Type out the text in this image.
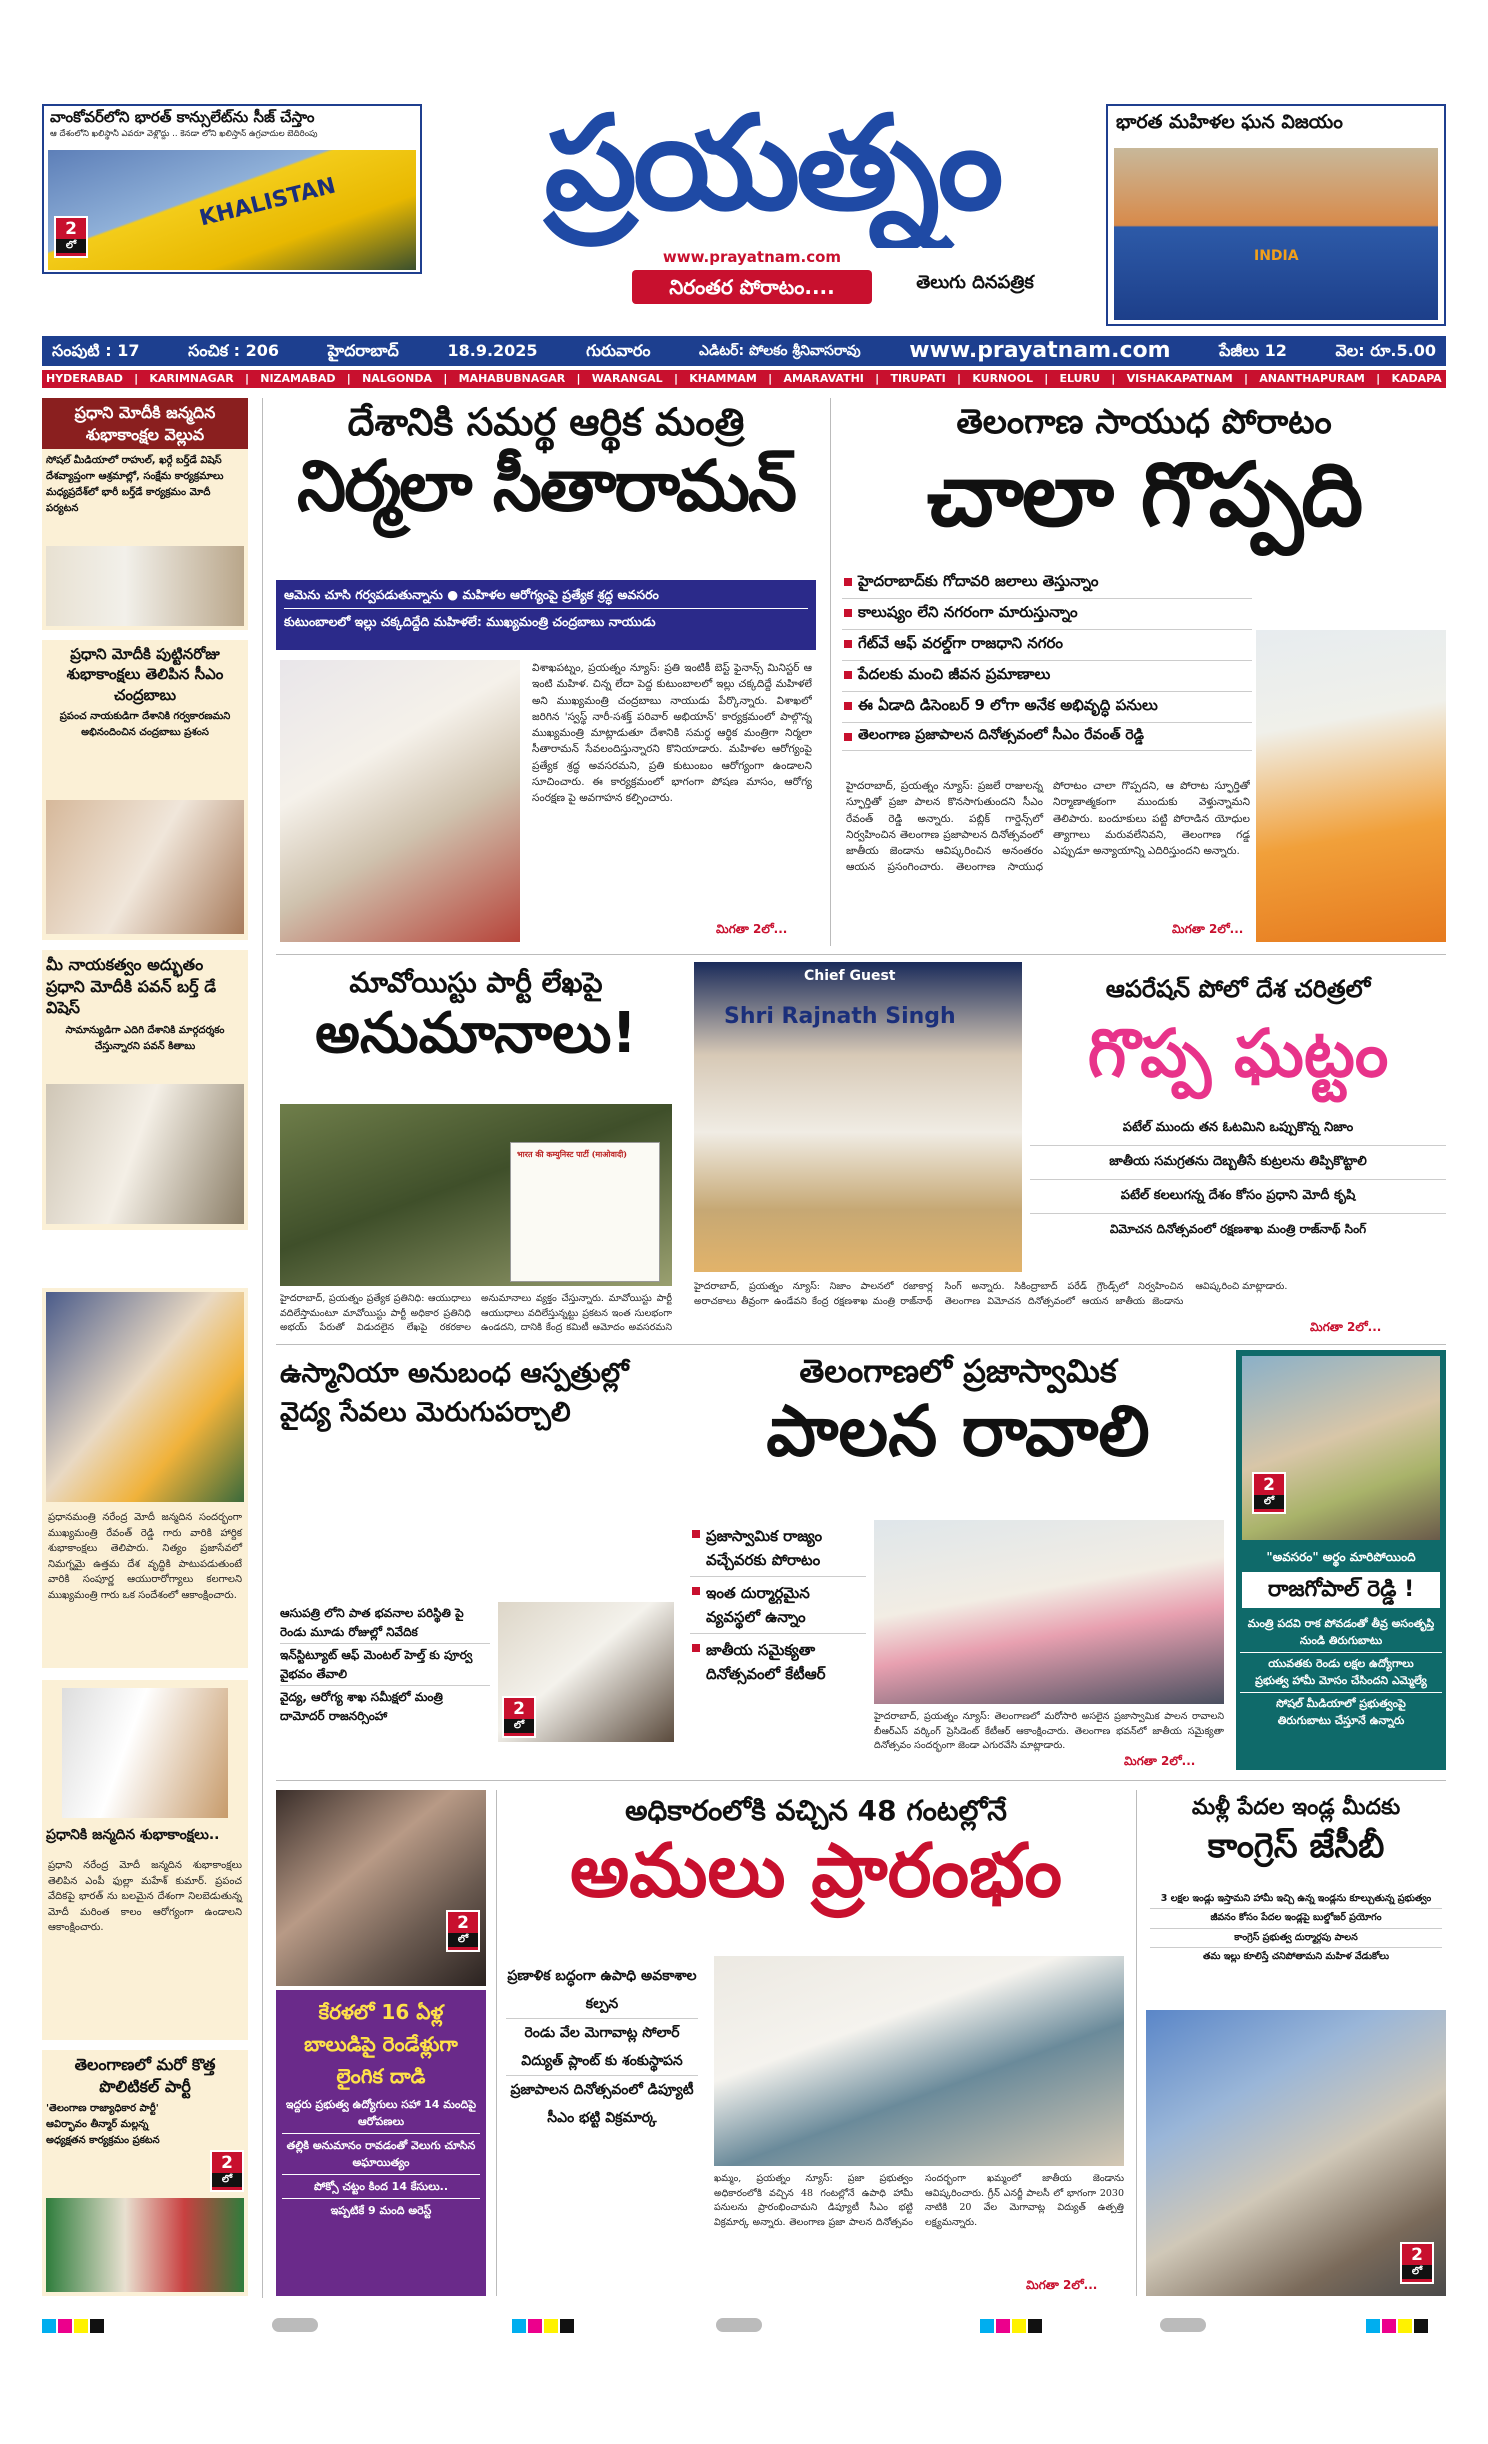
వాంకోవర్‌లోని భారత్ కాన్సులేట్‌ను సీజ్ చేస్తాం
ఆ దేశంలోని ఖలిస్థానీ ఎవరూ వెళ్లొద్దు .. కెనడా లోని ఖలిస్తాన్ ఉగ్రవాదుల బెదిరింపు
KHALISTAN
2
లో
ప్రయత్నం
www.prayatnam.com
నిరంతర పోరాటం....	తెలుగు దినపత్రిక
భారత మహిళల ఘన విజయం
INDIA
సంపుటి : 17	సంచిక : 206	హైదరాబాద్	18.9.2025	గురువారం	ఎడిటర్: పోలకం శ్రీనివాసరావు www.prayatnam.com	పేజీలు 12	వెల: రూ.5.00
HYDERABAD | KARIMNAGAR | NIZAMABAD | NALGONDA | MAHABUBNAGAR | WARANGAL | KHAMMAM | AMARAVATHI | TIRUPATI | KURNOOL | ELURU | VISHAKAPATNAM | ANANTHAPURAM | KADAPA
ప్రధాని మోదీకి జన్మదిన శుభాకాంక్షల వెల్లువ
సోషల్ మీడియాలో రాహుల్, ఖర్గే బర్త్‌డే విషెస్ దేశవ్యాప్తంగా ఆశ్రమాల్లో, సంక్షేమ కార్యక్రమాలు మధ్యప్రదేశ్‌లో భారీ బర్త్‌డే కార్యక్రమం మోదీ పర్యటన
ప్రధాని మోదీకి పుట్టినరోజు శుభాకాంక్షలు తెలిపిన సీఎం చంద్రబాబు
ప్రపంచ నాయకుడిగా దేశానికి గర్వకారణమని అభినందించిన చంద్రబాబు ప్రశంస
మీ నాయకత్వం అద్భుతం ప్రధాని మోదీకి పవన్ బర్త్ డే విషెస్
సామాన్యుడిగా ఎదిగి దేశానికి మార్గదర్శకం చేస్తున్నారని పవన్ కితాబు
ప్రధానమంత్రి నరేంద్ర మోదీ జన్మదిన సందర్భంగా ముఖ్యమంత్రి రేవంత్ రెడ్డి గారు వారికి హార్దిక శుభాకాంక్షలు తెలిపారు. నిత్యం ప్రజాసేవలో నిమగ్నమై ఉత్తమ దేశ వృద్ధికి పాటుపడుతుంటే వారికి సంపూర్ణ ఆయురారోగ్యాలు కలగాలని ముఖ్యమంత్రి గారు ఒక సందేశంలో ఆకాంక్షించారు.
ప్రధానికి జన్మదిన శుభాకాంక్షలు..
ప్రధాని నరేంద్ర మోదీ జన్మదిన శుభాకాంక్షలు తెలిపిన ఎంపీ ఫుల్లా మహేశ్ కుమార్. ప్రపంచ వేదికపై భారత్ ను బలమైన దేశంగా నిలబెడుతున్న మోదీ మరింత కాలం ఆరోగ్యంగా ఉండాలని ఆకాంక్షించారు.
తెలంగాణలో మరో కొత్త పొలిటికల్ పార్టీ
'తెలంగాణ రాజ్యాధికార పార్టీ' ఆవిర్భావం తీన్మార్ మల్లన్న అధ్యక్షతన కార్యక్రమం ప్రకటన
2
లో
దేశానికి సమర్థ ఆర్థిక మంత్రి
నిర్మలా సీతారామన్
ఆమెను చూసి గర్వపడుతున్నాను ● మహిళల ఆరోగ్యంపై ప్రత్యేక శ్రద్ధ అవసరం
కుటుంబాలలో ఇల్లు చక్కదిద్దేది మహిళలే: ముఖ్యమంత్రి చంద్రబాబు నాయుడు
విశాఖపట్నం, ప్రయత్నం న్యూస్: ప్రతి ఇంటికీ బెస్ట్ ఫైనాన్స్ మినిస్టర్ ఆ ఇంటి మహిళ. చిన్న లేదా పెద్ద కుటుంబాలలో ఇల్లు చక్కదిద్దే మహిళలే అని ముఖ్యమంత్రి చంద్రబాబు నాయుడు పేర్కొన్నారు. విశాఖలో జరిగిన 'స్వస్థ్ నారీ-సశక్త్ పరివార్ అభియాన్' కార్యక్రమంలో పాల్గొన్న ముఖ్యమంత్రి మాట్లాడుతూ దేశానికి సమర్థ ఆర్థిక మంత్రిగా నిర్మలా సీతారామన్ సేవలందిస్తున్నారని కొనియాడారు. మహిళల ఆరోగ్యంపై ప్రత్యేక శ్రద్ధ అవసరమని, ప్రతి కుటుంబం ఆరోగ్యంగా ఉండాలని సూచించారు. ఈ కార్యక్రమంలో భాగంగా పోషణ మాసం, ఆరోగ్య సంరక్షణ పై అవగాహన కల్పించారు.
మిగతా 2లో...
తెలంగాణ సాయుధ పోరాటం
చాలా గొప్పది
హైదరాబాద్‌కు గోదావరి జలాలు తెస్తున్నాం
కాలుష్యం లేని నగరంగా మారుస్తున్నాం
గేట్‌వే ఆఫ్ వరల్డ్‌గా రాజధాని నగరం
పేదలకు మంచి జీవన ప్రమాణాలు
ఈ ఏడాది డిసెంబర్ 9 లోగా అనేక అభివృద్ధి పనులు
తెలంగాణ ప్రజాపాలన దినోత్సవంలో సీఎం రేవంత్ రెడ్డి
హైదరాబాద్, ప్రయత్నం న్యూస్: ప్రజలే రాజులన్న స్ఫూర్తితో ప్రజా పాలన కొనసాగుతుందని సీఎం రేవంత్ రెడ్డి అన్నారు. పబ్లిక్ గార్డెన్స్‌లో నిర్వహించిన తెలంగాణ ప్రజాపాలన దినోత్సవంలో జాతీయ జెండాను ఆవిష్కరించిన అనంతరం ఆయన ప్రసంగించారు. తెలంగాణ సాయుధ పోరాటం చాలా గొప్పదని, ఆ పోరాట స్ఫూర్తితో నిర్మాణాత్మకంగా ముందుకు వెళ్తున్నామని తెలిపారు. బందూకులు పట్టి పోరాడిన యోధుల త్యాగాలు మరువలేనివని, తెలంగాణ గడ్డ ఎప్పుడూ అన్యాయాన్ని ఎదిరిస్తుందని అన్నారు.
మిగతా 2లో...
మావోయిస్టు పార్టీ లేఖపై
అనుమానాలు!
भारत की कम्युनिस्ट पार्टी (माओवादी)
హైదరాబాద్, ప్రయత్నం ప్రత్యేక ప్రతినిధి: ఆయుధాలు వదిలేస్తామంటూ మావోయిస్టు పార్టీ అధికార ప్రతినిధి అభయ్ పేరుతో విడుదలైన లేఖపై రకరకాల అనుమానాలు వ్యక్తం చేస్తున్నారు. మావోయిస్టు పార్టీ ఆయుధాలు వదిలేస్తున్నట్టు ప్రకటన ఇంత సులభంగా ఉండదని, దానికి కేంద్ర కమిటీ ఆమోదం అవసరమని
Chief Guest
Shri Rajnath Singh
ఆపరేషన్ పోలో దేశ చరిత్రలో
గొప్ప ఘట్టం
పటేల్ ముందు తన ఓటమిని ఒప్పుకొన్న నిజాం
జాతీయ సమగ్రతను దెబ్బతీసే కుట్రలను తిప్పికొట్టాలి
పటేల్ కలలుగన్న దేశం కోసం ప్రధాని మోదీ కృషి
విమోచన దినోత్సవంలో రక్షణశాఖ మంత్రి రాజ్‌నాథ్ సింగ్
హైదరాబాద్, ప్రయత్నం న్యూస్: నిజాం పాలనలో రజాకార్ల అరాచకాలు తీవ్రంగా ఉండేవని కేంద్ర రక్షణశాఖ మంత్రి రాజ్‌నాథ్ సింగ్ అన్నారు. సికింద్రాబాద్ పరేడ్ గ్రౌండ్స్‌లో నిర్వహించిన తెలంగాణ విమోచన దినోత్సవంలో ఆయన జాతీయ జెండాను ఆవిష్కరించి మాట్లాడారు.
మిగతా 2లో...
ఉస్మానియా అనుబంధ ఆస్పత్రుల్లో వైద్య సేవలు మెరుగుపర్చాలి
ఆసుపత్రి లోని పాత భవనాల పరిస్థితి పై రెండు మూడు రోజుల్లో నివేదిక
ఇన్‌స్టిట్యూట్ ఆఫ్ మెంటల్ హెల్త్ కు పూర్వ వైభవం తేవాలి
వైద్య, ఆరోగ్య శాఖ సమీక్షలో మంత్రి దామోదర్ రాజనర్సింహా	2
లో
తెలంగాణలో ప్రజాస్వామిక
పాలన రావాలి
ప్రజాస్వామిక రాజ్యం వచ్చేవరకు పోరాటం
ఇంత దుర్మార్గమైన వ్యవస్థలో ఉన్నాం
జాతీయ సమైక్యతా దినోత్సవంలో కేటీఆర్
హైదరాబాద్, ప్రయత్నం న్యూస్: తెలంగాణలో మరోసారి అసలైన ప్రజాస్వామిక పాలన రావాలని బీఆర్ఎస్ వర్కింగ్ ప్రెసిడెంట్ కేటీఆర్ ఆకాంక్షించారు. తెలంగాణ భవన్‌లో జాతీయ సమైక్యతా దినోత్సవం సందర్భంగా జెండా ఎగురవేసి మాట్లాడారు.
మిగతా 2లో...
2
లో
"అవసరం" అర్థం మారిపోయింది
రాజగోపాల్ రెడ్డి !
మంత్రి పదవి రాక పోవడంతో తీవ్ర అసంతృప్తి
నుండి తిరుగుబాటు
యువతకు రెండు లక్షల ఉద్యోగాలు
ప్రభుత్వ హామీ మోసం చేసిందని ఎమ్మెల్యే
సోషల్ మీడియాలో ప్రభుత్వంపై
తిరుగుబాటు చేస్తూనే ఉన్నారు
2
లో
కేరళలో 16 ఏళ్ల బాలుడిపై రెండేళ్లుగా లైంగిక దాడి
ఇద్దరు ప్రభుత్వ ఉద్యోగులు సహా 14 మందిపై ఆరోపణలు
తల్లికి అనుమానం రావడంతో వెలుగు చూసిన అఘాయిత్యం
పోక్సో చట్టం కింద 14 కేసులు..
ఇప్పటికే 9 మంది అరెస్ట్
అధికారంలోకి వచ్చిన 48 గంటల్లోనే
అమలు ప్రారంభం
ప్రణాళిక బద్ధంగా ఉపాధి అవకాశాల కల్పన
రెండు వేల మెగావాట్ల సోలార్ విద్యుత్ ప్లాంట్ కు శంకుస్థాపన
ప్రజాపాలన దినోత్సవంలో డిప్యూటీ సీఎం భట్టి విక్రమార్క
ఖమ్మం, ప్రయత్నం న్యూస్: ప్రజా ప్రభుత్వం అధికారంలోకి వచ్చిన 48 గంటల్లోనే ఉపాధి హామీ పనులను ప్రారంభించామని డిప్యూటీ సీఎం భట్టి విక్రమార్క అన్నారు. తెలంగాణ ప్రజా పాలన దినోత్సవం సందర్భంగా ఖమ్మంలో జాతీయ జెండాను ఆవిష్కరించారు. గ్రీన్ ఎనర్జీ పాలసీ లో భాగంగా 2030 నాటికి 20 వేల మెగావాట్ల విద్యుత్ ఉత్పత్తి లక్ష్యమన్నారు.
మిగతా 2లో...
మళ్లీ పేదల ఇండ్ల మీదకు
కాంగ్రెస్ జేసీబీ
3 లక్షల ఇండ్లు ఇస్తామని హామీ ఇచ్చి ఉన్న ఇండ్లను కూల్చుతున్న ప్రభుత్వం
జీవనం కోసం పేదల ఇండ్లపై బుల్డోజర్ ప్రయోగం
కాంగ్రెస్ ప్రభుత్వ దుర్మార్గపు పాలన
తమ ఇల్లు కూలిస్తే చనిపోతామని మహిళ వేడుకోలు
2
లో
